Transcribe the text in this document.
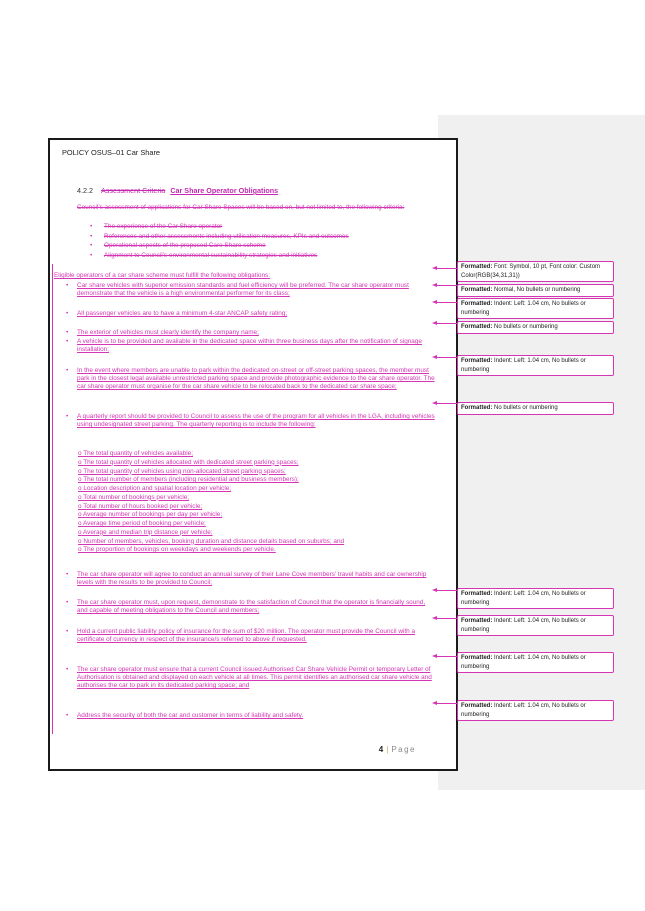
POLICY OSUS–01 Car Share
4.2.2 Assessment Criteria Car Share Operator Obligations
Council’s assessment of applications for Car Share Spaces will be based on, but not limited to, the following criteria:
• The experience of the Car Share operator
• References and other assessments including utilisation measures, KPIs and outcomes
• Operational aspects of the proposed Care Share scheme
• Alignment to Council’s environmental sustainability strategies and initiatives
Eligible operators of a car share scheme must fulfill the following obligations:
•	Car share vehicles with superior emission standards and fuel efficiency will be preferred. The car share operator must demonstrate that the vehicle is a high environmental performer for its class;
•	All passenger vehicles are to have a minimum 4-star ANCAP safety rating;
•	The exterior of vehicles must clearly identify the company name;
•	A vehicle is to be provided and available in the dedicated space within three business days after the notification of signage installation;
•	In the event where members are unable to park within the dedicated on-street or off-street parking spaces, the member must park in the closest legal available unrestricted parking space and provide photographic evidence to the car share operator. The car share operator must organise for the car share vehicle to be relocated back to the dedicated car share space;
•	A quarterly report should be provided to Council to assess the use of the program for all vehicles in the LGA, including vehicles using undesignated street parking. The quarterly reporting is to include the following:
o The total quantity of vehicles available;
o The total quantity of vehicles allocated with dedicated street parking spaces;
o The total quantity of vehicles using non-allocated street parking spaces;
o The total number of members (including residential and business members);
o Location description and spatial location per vehicle;
o Total number of bookings per vehicle;
o Total number of hours booked per vehicle;
o Average number of bookings per day per vehicle;
o Average time period of booking per vehicle;
o Average and median trip distance per vehicle;
o Number of members, vehicles, booking duration and distance details based on suburbs; and
o The proportion of bookings on weekdays and weekends per vehicle.
•	The car share operator will agree to conduct an annual survey of their Lane Cove members’ travel habits and car ownership levels with the results to be provided to Council;
•	The car share operator must, upon request, demonstrate to the satisfaction of Council that the operator is financially sound, and capable of meeting obligations to the Council and members;
•	Hold a current public liability policy of insurance for the sum of $20 million. The operator must provide the Council with a certificate of currency in respect of the insurance/s referred to above if requested.
•	The car share operator must ensure that a current Council issued Authorised Car Share Vehicle Permit or temporary Letter of Authorisation is obtained and displayed on each vehicle at all times. This permit identifies an authorised car share vehicle and authorises the car to park in its dedicated parking space; and
•	Address the security of both the car and customer in terms of liability and safety.
4 | Page
Formatted: Font: Symbol, 10 pt, Font color: Custom Color(RGB(34,31,31))
Formatted: Normal, No bullets or numbering
Formatted: Indent: Left: 1.04 cm, No bullets or numbering
Formatted: No bullets or numbering
Formatted: Indent: Left: 1.04 cm, No bullets or numbering
Formatted: No bullets or numbering
Formatted: Indent: Left: 1.04 cm, No bullets or numbering
Formatted: Indent: Left: 1.04 cm, No bullets or numbering
Formatted: Indent: Left: 1.04 cm, No bullets or numbering
Formatted: Indent: Left: 1.04 cm, No bullets or numbering
